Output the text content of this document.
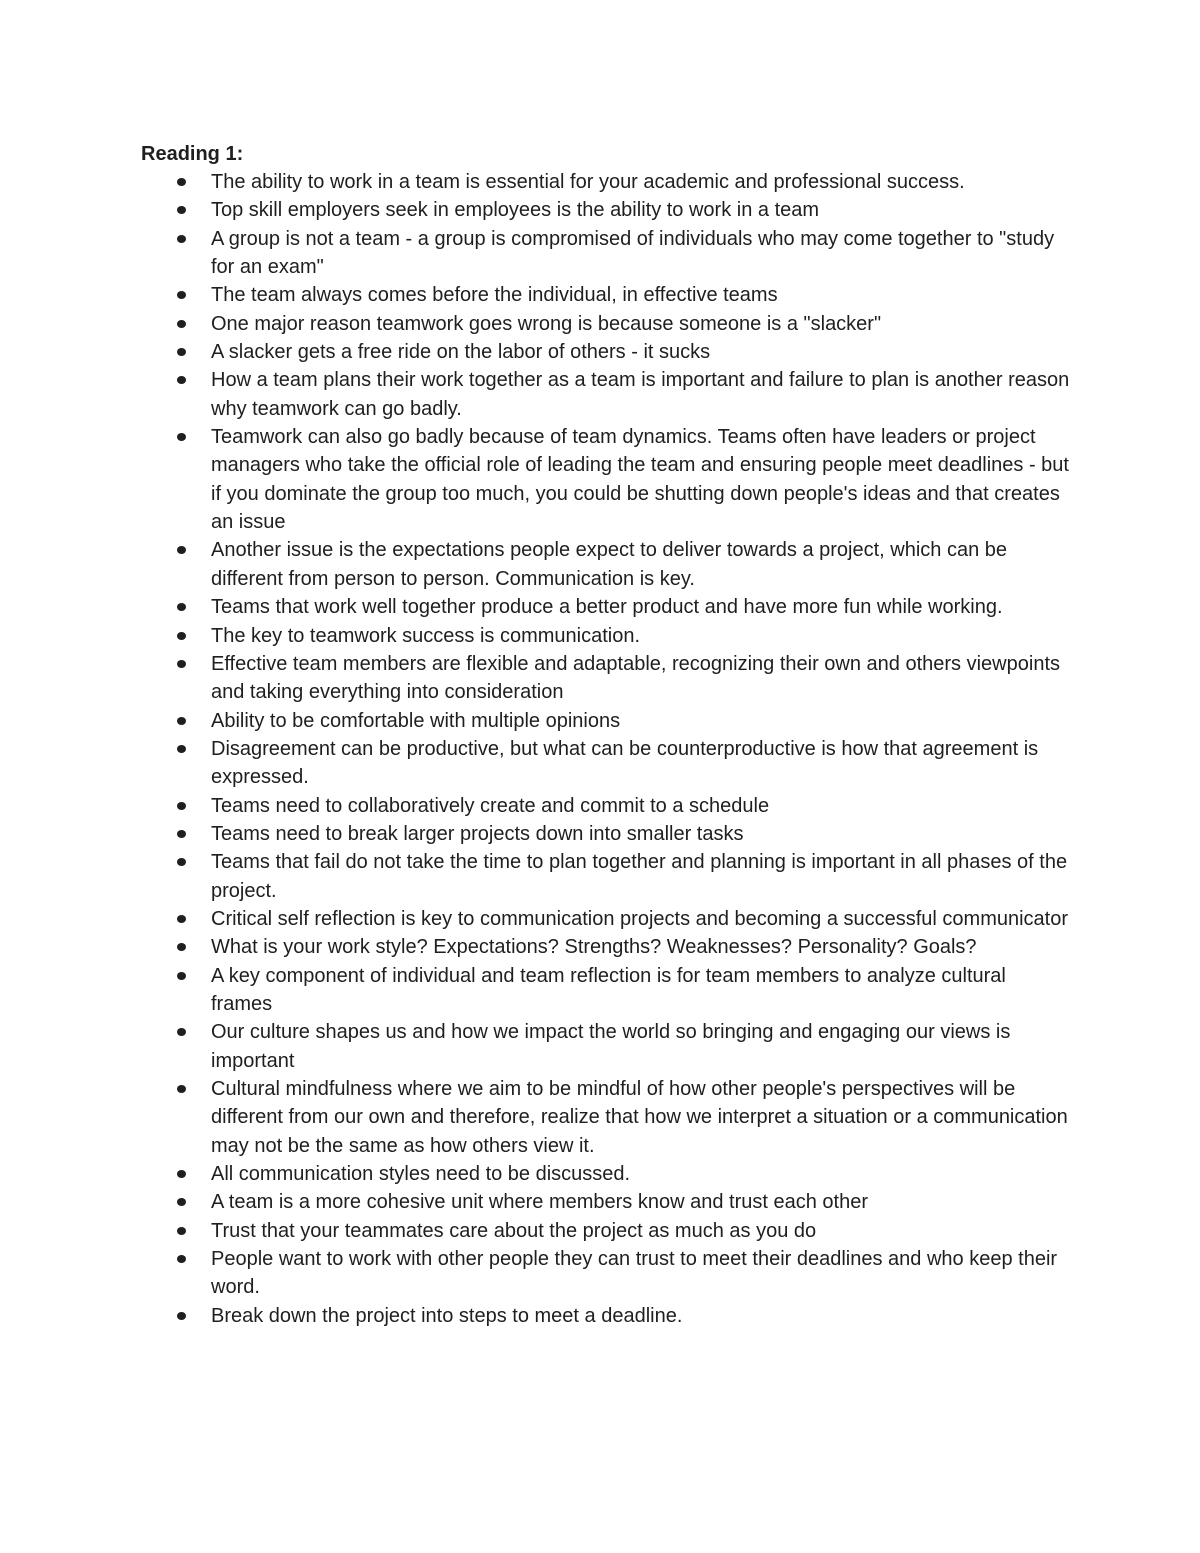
Reading 1:
The ability to work in a team is essential for your academic and professional success.
Top skill employers seek in employees is the ability to work in a team
A group is not a team - a group is compromised of individuals who may come together to "study for an exam"
The team always comes before the individual, in effective teams
One major reason teamwork goes wrong is because someone is a "slacker"
A slacker gets a free ride on the labor of others - it sucks
How a team plans their work together as a team is important and failure to plan is another reason why teamwork can go badly.
Teamwork can also go badly because of team dynamics. Teams often have leaders or project managers who take the official role of leading the team and ensuring people meet deadlines - but if you dominate the group too much, you could be shutting down people's ideas and that creates an issue
Another issue is the expectations people expect to deliver towards a project, which can be different from person to person. Communication is key.
Teams that work well together produce a better product and have more fun while working.
The key to teamwork success is communication.
Effective team members are flexible and adaptable, recognizing their own and others viewpoints and taking everything into consideration
Ability to be comfortable with multiple opinions
Disagreement can be productive, but what can be counterproductive is how that agreement is expressed.
Teams need to collaboratively create and commit to a schedule
Teams need to break larger projects down into smaller tasks
Teams that fail do not take the time to plan together and planning is important in all phases of the project.
Critical self reflection is key to communication projects and becoming a successful communicator
What is your work style? Expectations? Strengths? Weaknesses? Personality? Goals?
A key component of individual and team reflection is for team members to analyze cultural frames
Our culture shapes us and how we impact the world so bringing and engaging our views is important
Cultural mindfulness where we aim to be mindful of how other people's perspectives will be different from our own and therefore, realize that how we interpret a situation or a communication may not be the same as how others view it.
All communication styles need to be discussed.
A team is a more cohesive unit where members know and trust each other
Trust that your teammates care about the project as much as you do
People want to work with other people they can trust to meet their deadlines and who keep their word.
Break down the project into steps to meet a deadline.
